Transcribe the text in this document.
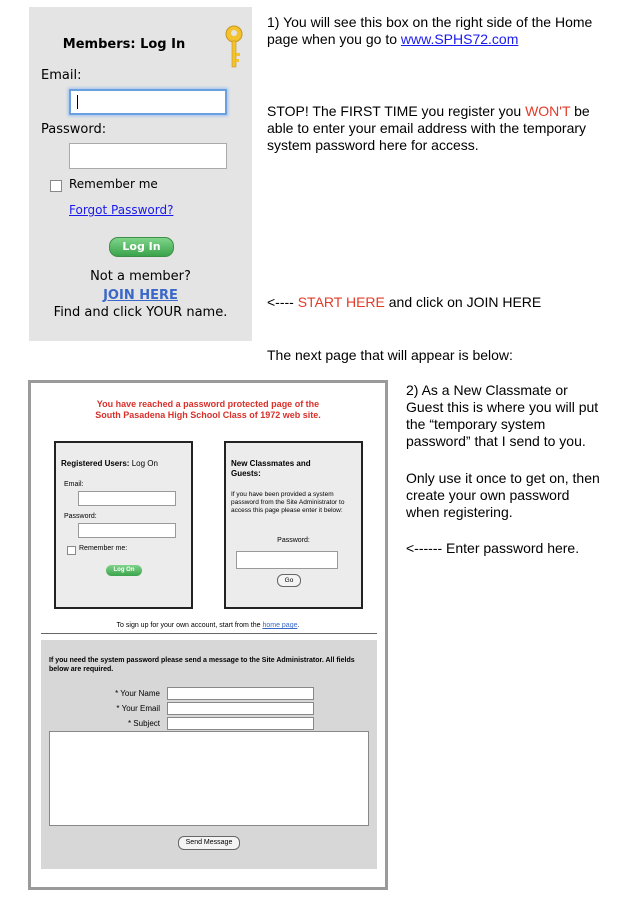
Members: Log In
Email:
Password:
Remember me
Forgot Password?
Log In
Not a member?
JOIN HERE
Find and click YOUR name.
1) You will see this box on the right side of the Home page when you go to www.SPHS72.com
STOP! The FIRST TIME you register you WON'T be able to enter your email address with the temporary system password here for access.
<---- START HERE and click on JOIN HERE
The next page that will appear is below:
2) As a New Classmate or Guest this is where you will put the “temporary system password” that I send to you.
Only use it once to get on, then create your own password when registering.
<------ Enter password here.
You have reached a password protected page of the
South Pasadena High School Class of 1972 web site.
Registered Users: Log On
Email:
Password:
Remember me:
Log On
New Classmates and Guests:
If you have been provided a system password from the Site Administrator to access this page please enter it below:
Password:
Go
To sign up for your own account, start from the home page.
If you need the system password please send a message to the Site Administrator. All fields below are required.
* Your Name
* Your Email
* Subject
Send Message
